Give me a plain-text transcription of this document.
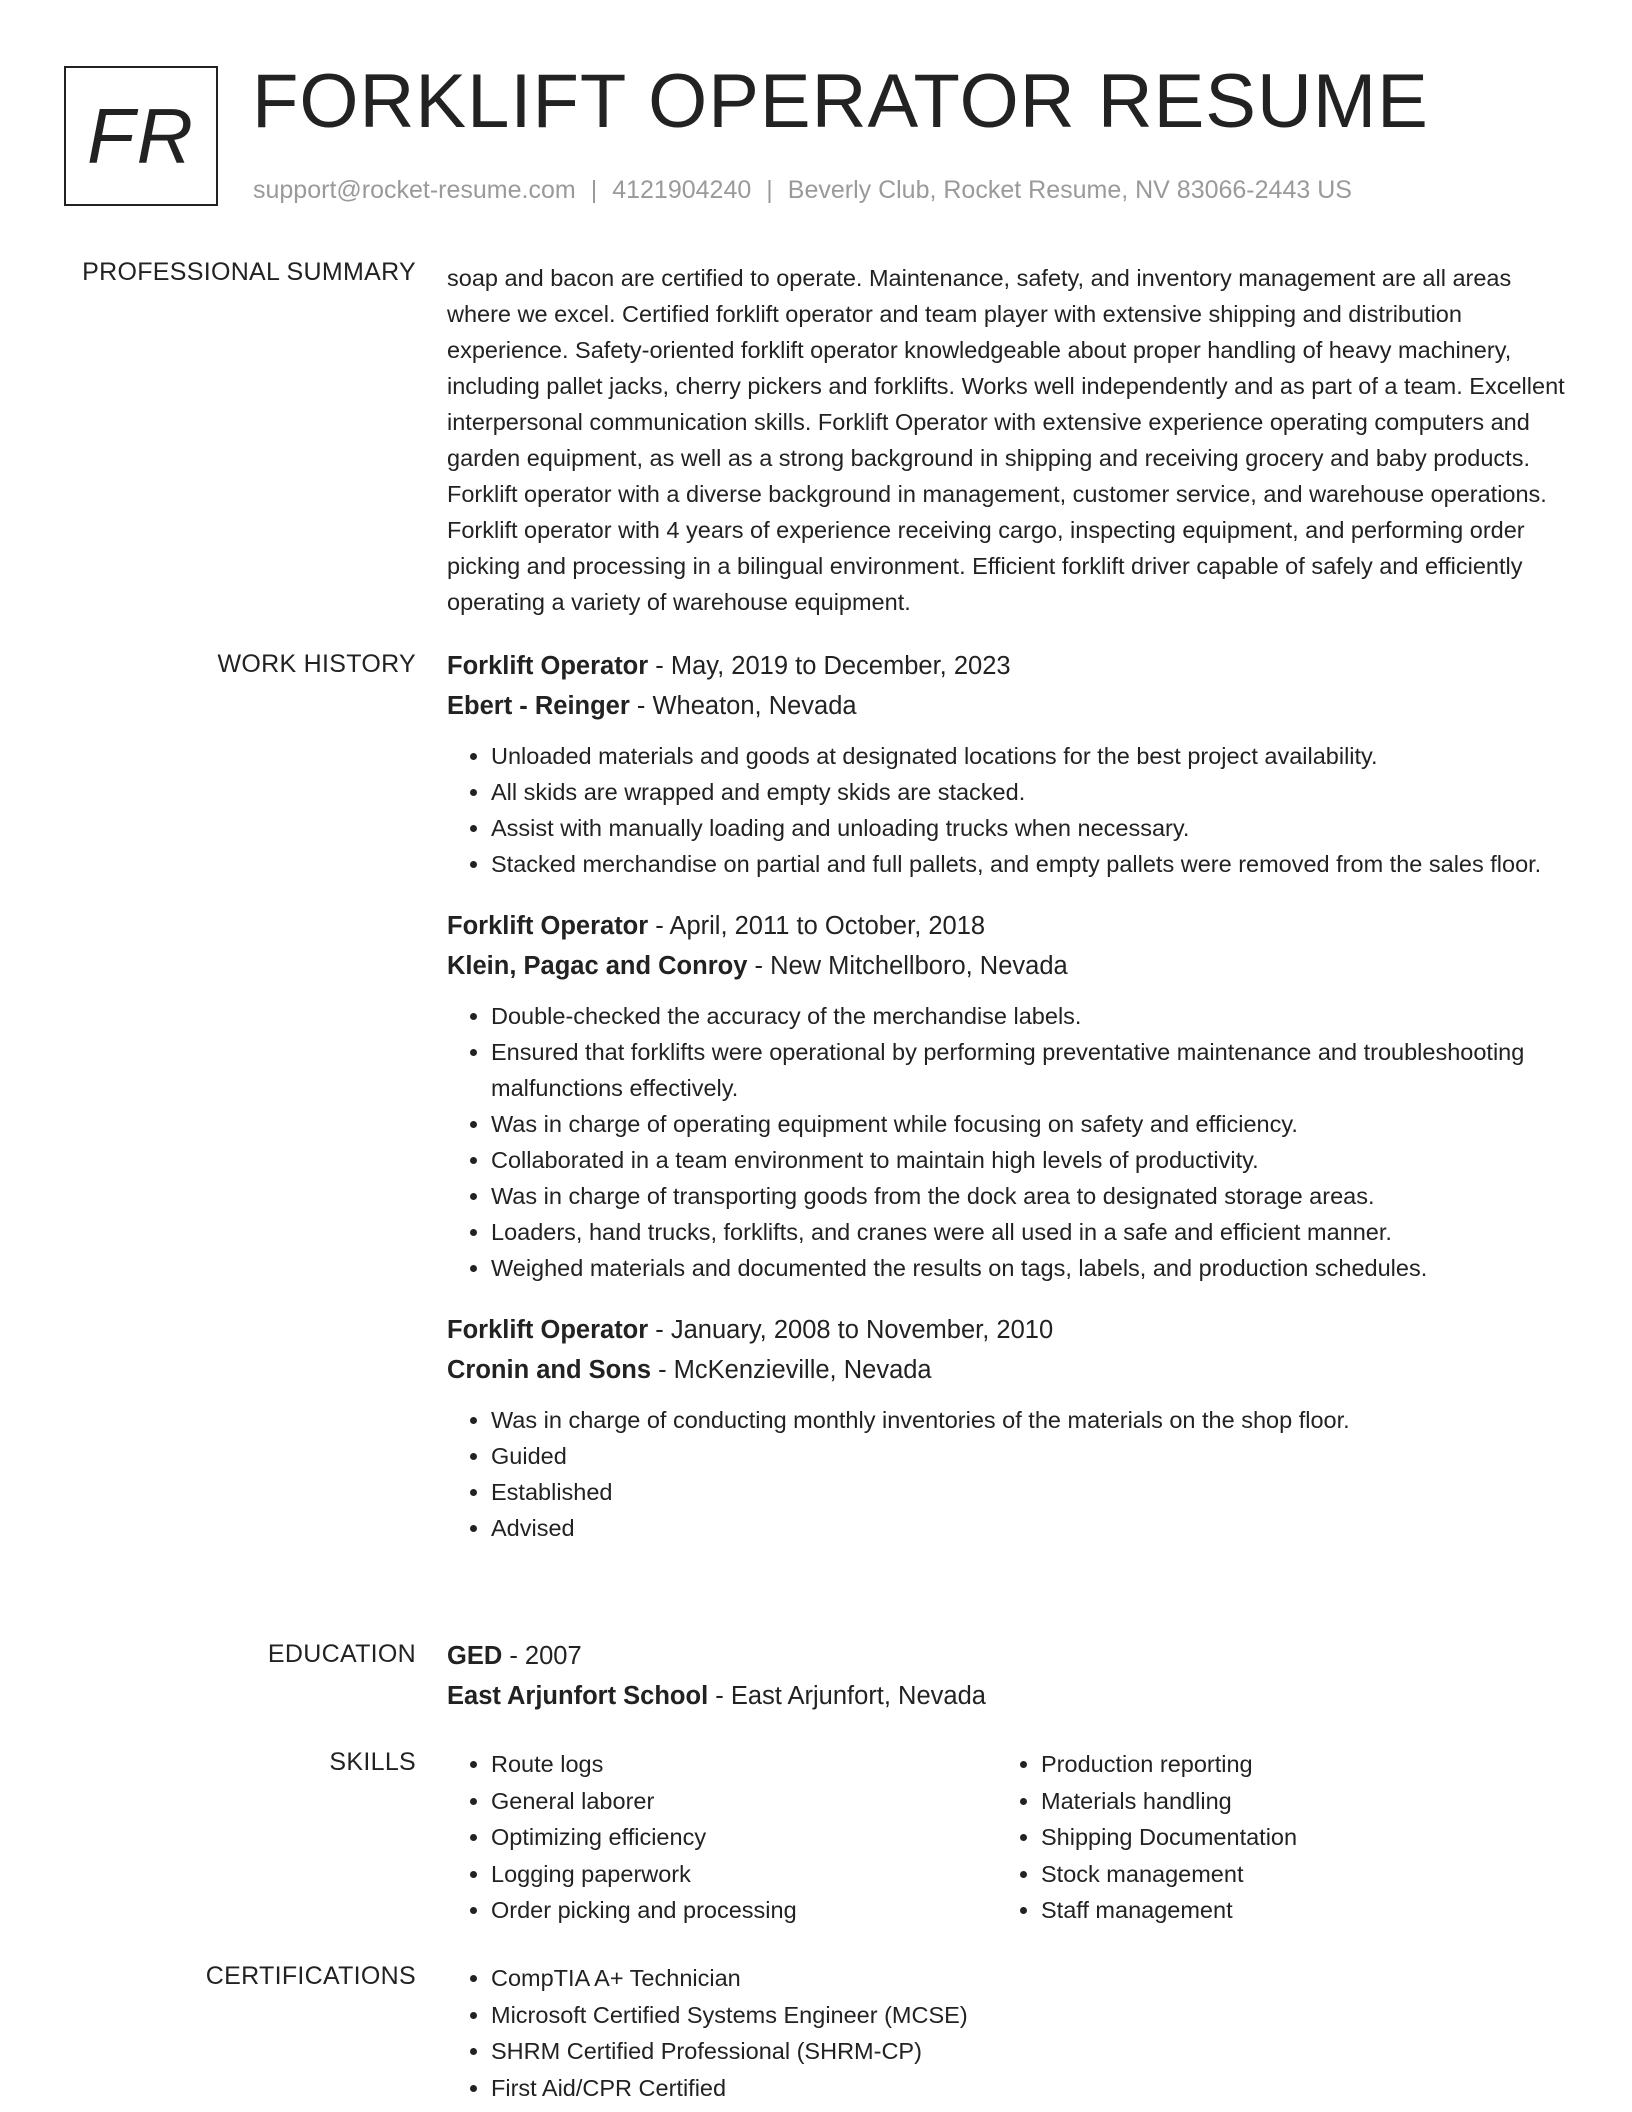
FR FORKLIFT OPERATOR RESUME
support@rocket-resume.com | 4121904240 | Beverly Club, Rocket Resume, NV 83066-2443 US
PROFESSIONAL SUMMARY soap and bacon are certified to operate. Maintenance, safety, and inventory management are all areas where we excel. Certified forklift operator and team player with extensive shipping and distribution experience. Safety-oriented forklift operator knowledgeable about proper handling of heavy machinery, including pallet jacks, cherry pickers and forklifts. Works well independently and as part of a team. Excellent interpersonal communication skills. Forklift Operator with extensive experience operating computers and garden equipment, as well as a strong background in shipping and receiving grocery and baby products. Forklift operator with a diverse background in management, customer service, and warehouse operations. Forklift operator with 4 years of experience receiving cargo, inspecting equipment, and performing order picking and processing in a bilingual environment. Efficient forklift driver capable of safely and efficiently operating a variety of warehouse equipment.

WORK HISTORY Forklift Operator - May, 2019 to December, 2023
Ebert - Reinger - Wheaton, Nevada
• Unloaded materials and goods at designated locations for the best project availability.
• All skids are wrapped and empty skids are stacked.
• Assist with manually loading and unloading trucks when necessary.
• Stacked merchandise on partial and full pallets, and empty pallets were removed from the sales floor.
Forklift Operator - April, 2011 to October, 2018
Klein, Pagac and Conroy - New Mitchellboro, Nevada
• Double-checked the accuracy of the merchandise labels.
• Ensured that forklifts were operational by performing preventative maintenance and troubleshooting malfunctions effectively.
• Was in charge of operating equipment while focusing on safety and efficiency.
• Collaborated in a team environment to maintain high levels of productivity.
• Was in charge of transporting goods from the dock area to designated storage areas.
• Loaders, hand trucks, forklifts, and cranes were all used in a safe and efficient manner.
• Weighed materials and documented the results on tags, labels, and production schedules.
Forklift Operator - January, 2008 to November, 2010
Cronin and Sons - McKenzieville, Nevada
• Was in charge of conducting monthly inventories of the materials on the shop floor.
• Guided
• Established
• Advised
EDUCATION GED - 2007
East Arjunfort School - East Arjunfort, Nevada
SKILLS	• Route logs
• General laborer
• Optimizing efficiency
• Logging paperwork
• Order picking and processing
• Production reporting
• Materials handling
• Shipping Documentation
• Stock management
• Staff management
CERTIFICATIONS	• CompTIA A+ Technician
• Microsoft Certified Systems Engineer (MCSE)
• SHRM Certified Professional (SHRM-CP)
• First Aid/CPR Certified
